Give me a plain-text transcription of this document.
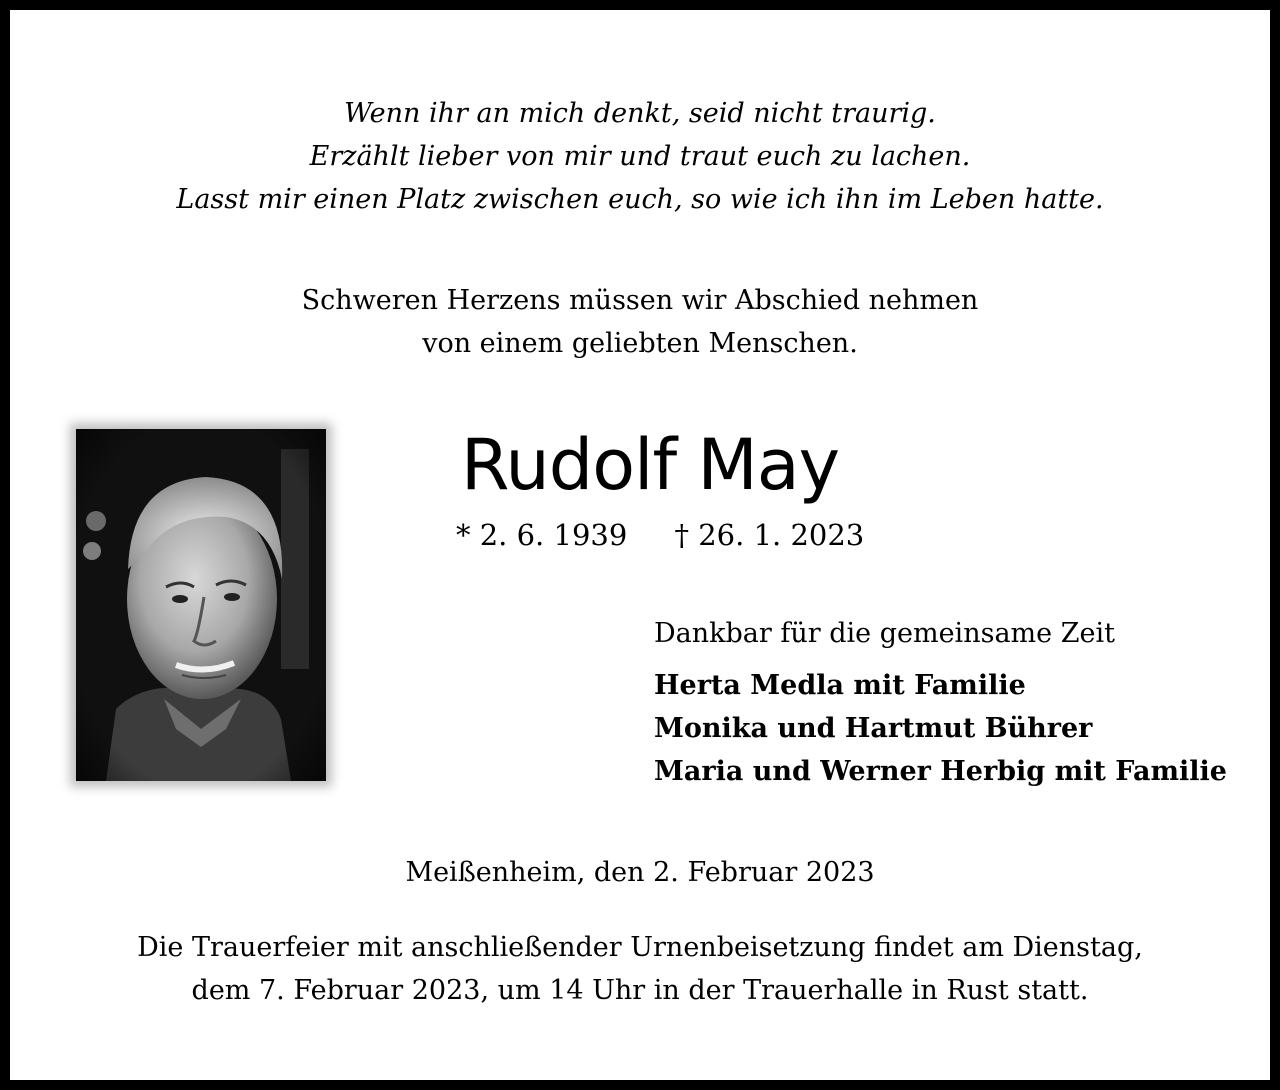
Wenn ihr an mich denkt, seid nicht traurig.
Erzählt lieber von mir und traut euch zu lachen.
Lasst mir einen Platz zwischen euch, so wie ich ihn im Leben hatte.
Schweren Herzens müssen wir Abschied nehmen
von einem geliebten Menschen.
Rudolf May
* 2. 6. 1939 † 26. 1. 2023
Dankbar für die gemeinsame Zeit
Herta Medla mit Familie
Monika und Hartmut Bührer
Maria und Werner Herbig mit Familie
Meißenheim, den 2. Februar 2023
Die Trauerfeier mit anschließender Urnenbeisetzung findet am Dienstag,
dem 7. Februar 2023, um 14 Uhr in der Trauerhalle in Rust statt.
